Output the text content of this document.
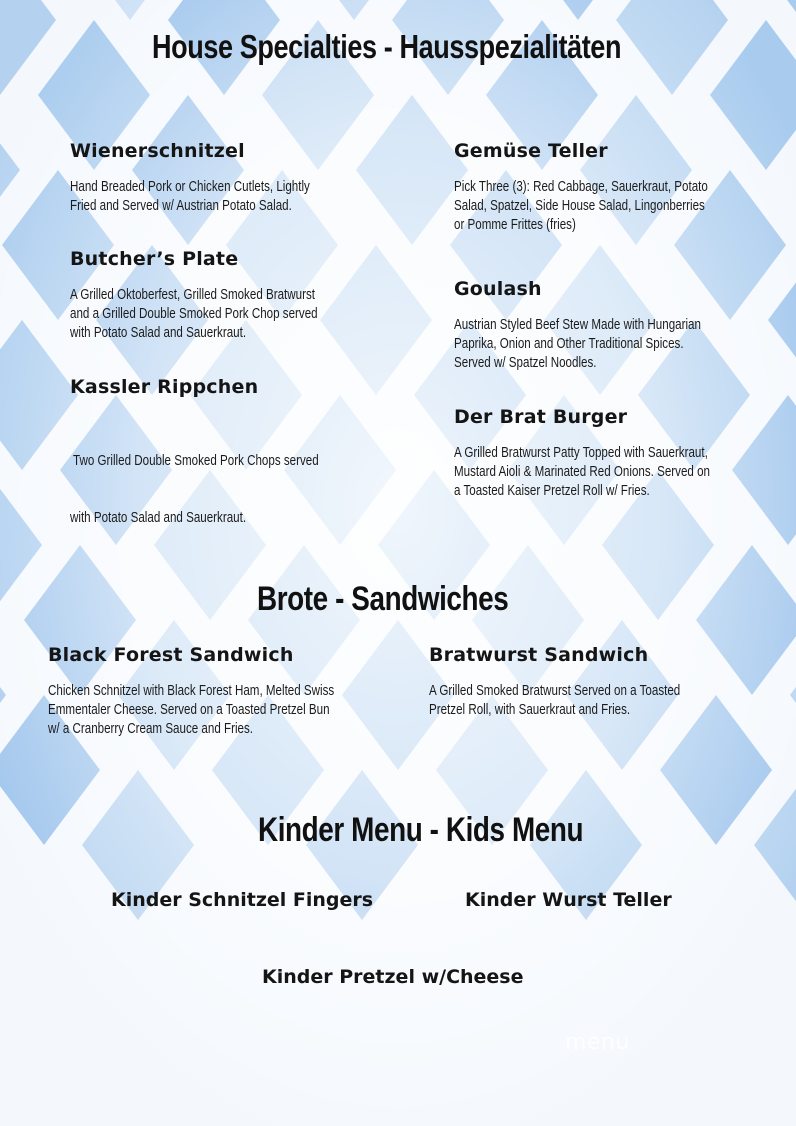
House Specialties - Hausspezialitäten

Wienerschnitzel

Hand Breaded Pork or Chicken Cutlets, Lightly
Fried and Served w/ Austrian Potato Salad.

Butcher’s Plate

A Grilled Oktoberfest, Grilled Smoked Bratwurst
and a Grilled Double Smoked Pork Chop served
with Potato Salad and Sauerkraut.

Kassler Rippchen

Two Grilled Double Smoked Pork Chops served

with Potato Salad and Sauerkraut.

Gemüse Teller

Pick Three (3): Red Cabbage, Sauerkraut, Potato
Salad, Spatzel, Side House Salad, Lingonberries
or Pomme Frittes (fries)

Goulash

Austrian Styled Beef Stew Made with Hungarian
Paprika, Onion and Other Traditional Spices.
Served w/ Spatzel Noodles.

Der Brat Burger

A Grilled Bratwurst Patty Topped with Sauerkraut,
Mustard Aioli & Marinated Red Onions. Served on
a Toasted Kaiser Pretzel Roll w/ Fries.

Brote - Sandwiches

Black Forest Sandwich

Chicken Schnitzel with Black Forest Ham, Melted Swiss
Emmentaler Cheese. Served on a Toasted Pretzel Bun
w/ a Cranberry Cream Sauce and Fries.

Bratwurst Sandwich

A Grilled Smoked Bratwurst Served on a Toasted
Pretzel Roll, with Sauerkraut and Fries.

Kinder Menu - Kids Menu

Kinder Schnitzel Fingers	Kinder Wurst Teller

Kinder Pretzel w/Cheese

menu
